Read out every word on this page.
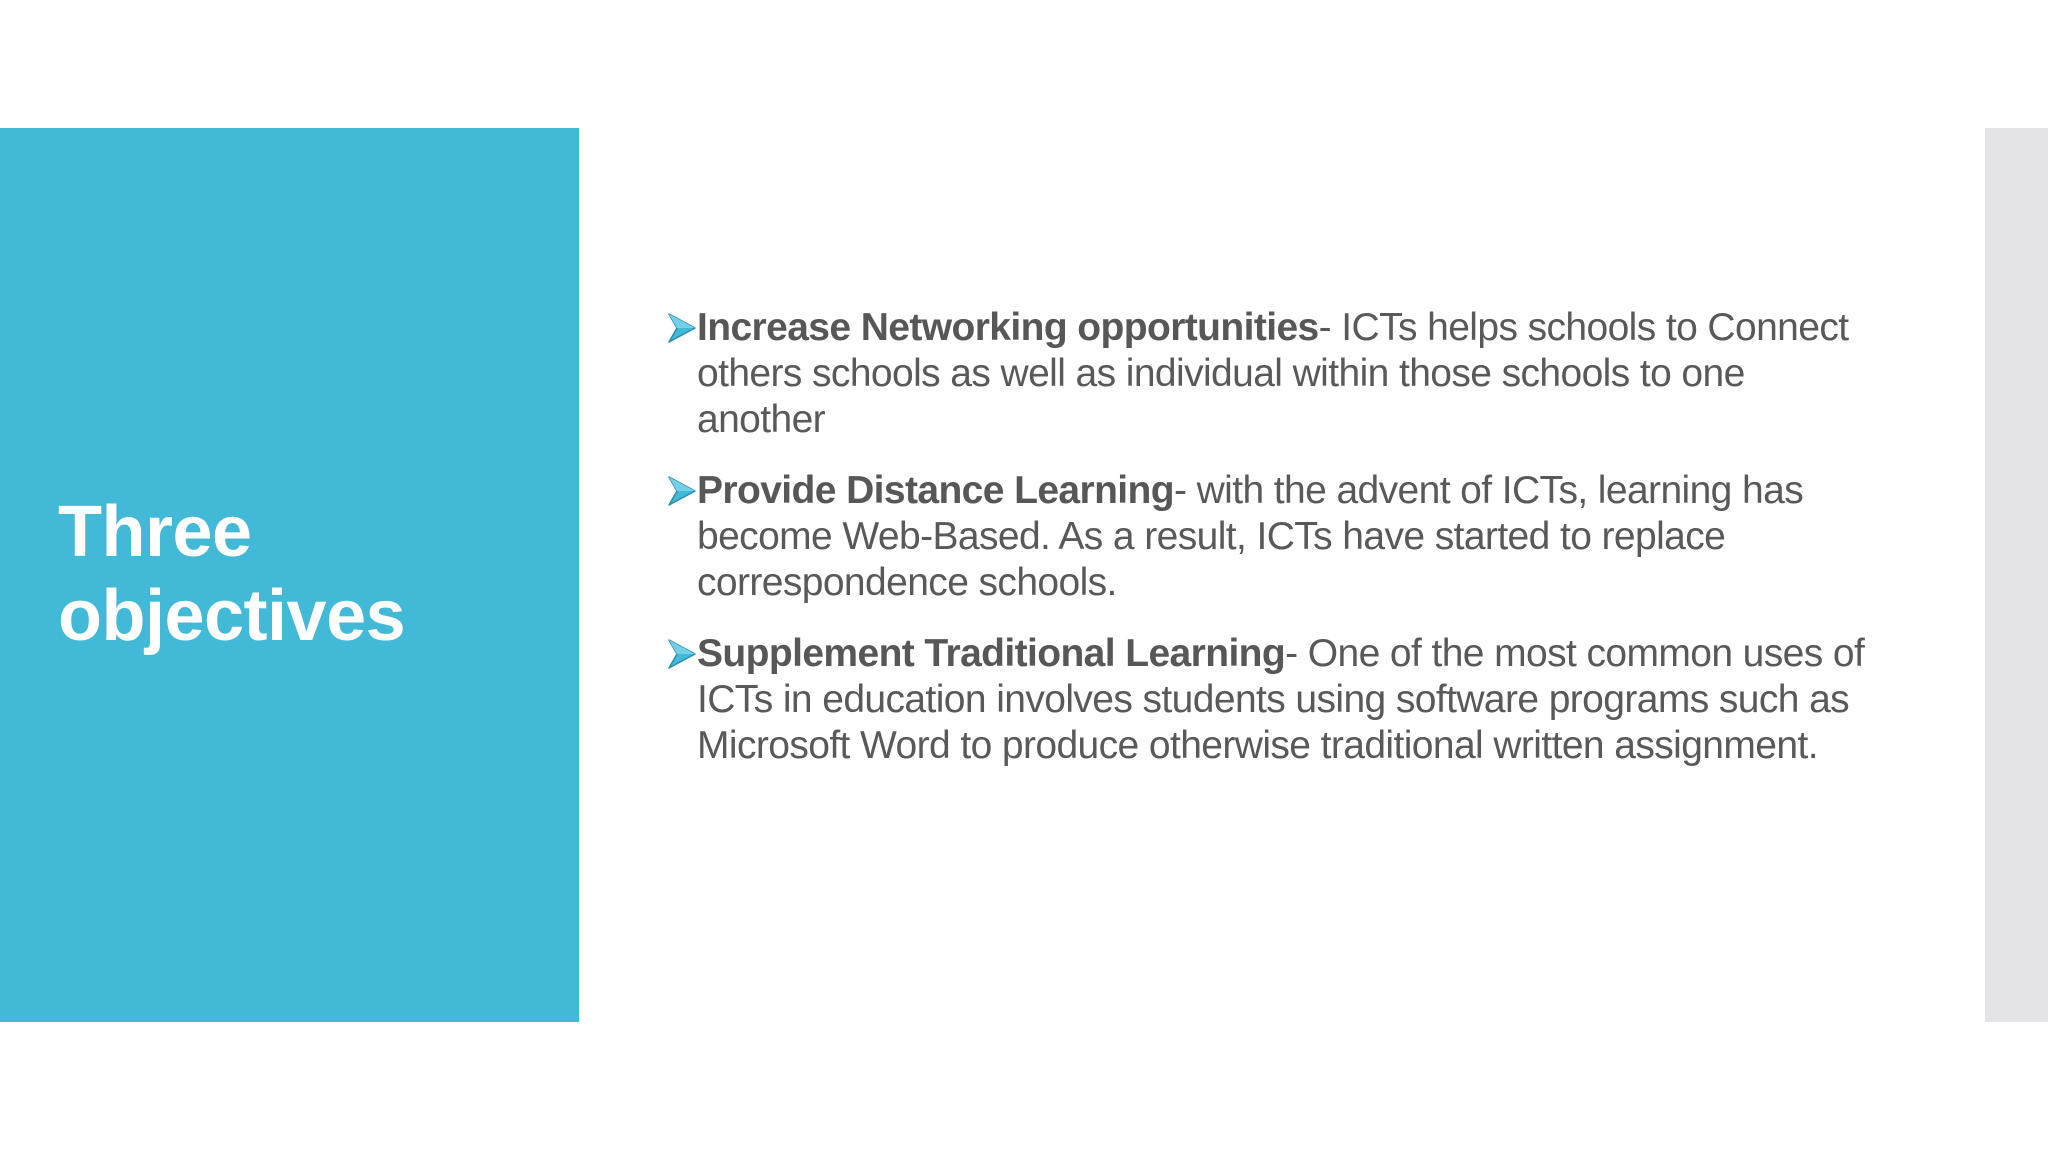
Three
objectives
Increase Networking opportunities- ICTs helps schools to Connect others schools as well as individual within those schools to one another
Provide Distance Learning- with the advent of ICTs, learning has become Web-Based. As a result, ICTs have started to replace correspondence schools.
Supplement Traditional Learning- One of the most common uses of ICTs in education involves students using software programs such as Microsoft Word to produce otherwise traditional written assignment.
